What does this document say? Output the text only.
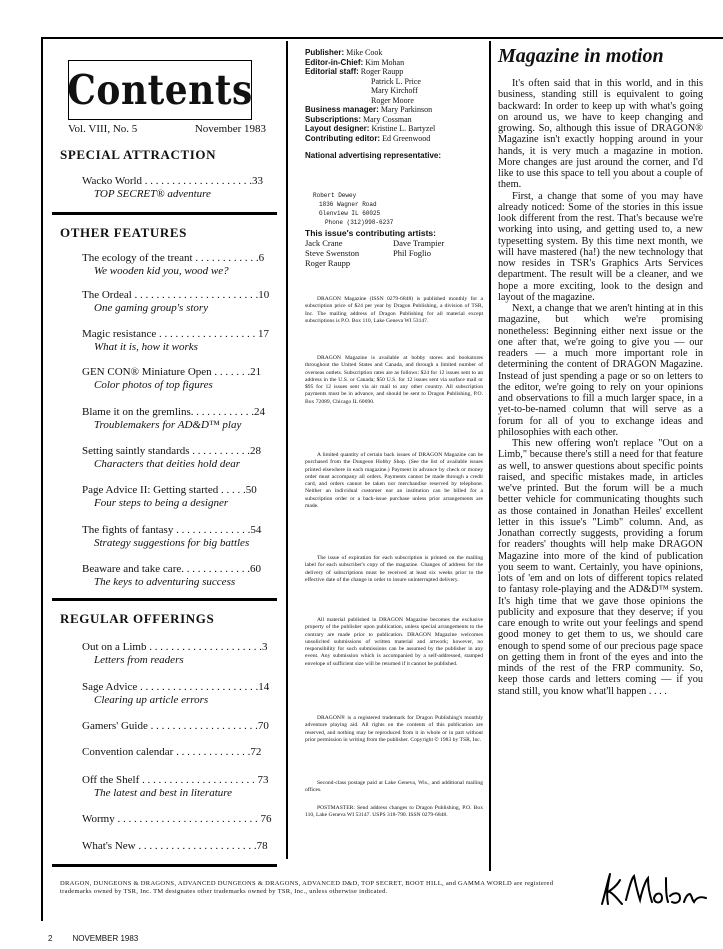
Contents
Vol. VIII, No. 5	November 1983
SPECIAL ATTRACTION
Wacko World . . . . . . . . . . . . . . . . . . . .33
TOP SECRET® adventure
OTHER FEATURES
The ecology of the treant . . . . . . . . . . . .6
We wooden kid you, wood we?
The Ordeal . . . . . . . . . . . . . . . . . . . . . . .10
One gaming group's story
Magic resistance . . . . . . . . . . . . . . . . . . 17
What it is, how it works
GEN CON® Miniature Open . . . . . . .21
Color photos of top figures
Blame it on the gremlins. . . . . . . . . . . .24
Troublemakers for AD&D™ play
Setting saintly standards . . . . . . . . . . .28
Characters that deities hold dear
Page Advice II: Getting started . . . . .50
Four steps to being a designer
The fights of fantasy . . . . . . . . . . . . . .54
Strategy suggestions for big battles
Beaware and take care. . . . . . . . . . . . .60
The keys to adventuring success
REGULAR OFFERINGS
Out on a Limb . . . . . . . . . . . . . . . . . . . . .3
Letters from readers
Sage Advice . . . . . . . . . . . . . . . . . . . . . .14
Clearing up article errors
Gamers' Guide . . . . . . . . . . . . . . . . . . . .70
Convention calendar . . . . . . . . . . . . . .72
Off the Shelf . . . . . . . . . . . . . . . . . . . . . 73
The latest and best in literature
Wormy . . . . . . . . . . . . . . . . . . . . . . . . . . 76
What's New . . . . . . . . . . . . . . . . . . . . . .78
Publisher: Mike Cook
Editor-in-Chief: Kim Mohan
Editorial staff: Roger Raupp
Patrick L. Price
Mary Kirchoff
Roger Moore
Business manager: Mary Parkinson
Subscriptions: Mary Cossman
Layout designer: Kristine L. Bartyzel
Contributing editor: Ed Greenwood
National advertising representative:
Robert Dewey
1836 Wagner Road
Glenview IL 60025
Phone (312)998-6237
This issue's contributing artists:
Jack Crane	Dave Trampier
Steve Swenston	Phil Foglio
Roger Raupp
DRAGON Magazine (ISSN 0279-6848) is published monthly for a subscription price of $24 per year by Dragon Publishing, a division of TSR, Inc. The mailing address of Dragon Publishing for all material except subscriptions is P.O. Box 110, Lake Geneva WI 53147.
DRAGON Magazine is available at hobby stores and bookstores throughout the United States and Canada, and through a limited number of overseas outlets. Subscription rates are as follows: $24 for 12 issues sent to an address in the U.S. or Canada; $50 U.S. for 12 issues sent via surface mail or $95 for 12 issues sent via air mail to any other country. All subscription payments must be in advance, and should be sent to Dragon Publishing, P.O. Box 72089, Chicago IL 60690.
A limited quantity of certain back issues of DRAGON Magazine can be purchased from the Dungeon Hobby Shop. (See the list of available issues printed elsewhere in each magazine.) Payment in advance by check or money order must accompany all orders. Payments cannot be made through a credit card, and orders cannot be taken nor merchandise reserved by telephone. Neither an individual customer nor an institution can be billed for a subscription order or a back-issue purchase unless prior arrangements are made.
The issue of expiration for each subscription is printed on the mailing label for each subscriber's copy of the magazine. Changes of address for the delivery of subscriptions must be received at least six weeks prior to the effective date of the change in order to insure uninterrupted delivery.
All material published in DRAGON Magazine becomes the exclusive property of the publisher upon publication, unless special arrangements to the contrary are made prior to publication. DRAGON Magazine welcomes unsolicited submissions of written material and artwork; however, no responsibility for such submissions can be assumed by the publisher in any event. Any submission which is accompanied by a self-addressed, stamped envelope of sufficient size will be returned if it cannot be published.
DRAGON® is a registered trademark for Dragon Publishing's monthly adventure playing aid. All rights on the contents of this publication are reserved, and nothing may be reproduced from it in whole or in part without prior permission in writing from the publisher. Copyright © 1983 by TSR, Inc.
Second-class postage paid at Lake Geneva, Wis., and additional mailing offices.
POSTMASTER: Send address changes to Dragon Publishing, P.O. Box 110, Lake Geneva WI 53147. USPS 318-790. ISSN 0279-6848.
Magazine in motion

It's often said that in this world, and in this business, standing still is equivalent to going backward: In order to keep up with what's going on around us, we have to keep changing and growing. So, although this issue of DRAGON® Magazine isn't exactly hopping around in your hands, it is very much a magazine in motion. More changes are just around the corner, and I'd like to use this space to tell you about a couple of them.

First, a change that some of you may have already noticed: Some of the stories in this issue look different from the rest. That's because we're working into using, and getting used to, a new typesetting system. By this time next month, we will have mastered (ha!) the new technology that now resides in TSR's Graphics Arts Services department. The result will be a cleaner, and we hope a more exciting, look to the design and layout of the magazine.

Next, a change that we aren't hinting at in this magazine, but which we're promising nonetheless: Beginning either next issue or the one after that, we're going to give you — our readers — a much more important role in determining the content of DRAGON Magazine. Instead of just spending a page or so on letters to the editor, we're going to rely on your opinions and observations to fill a much larger space, in a yet-to-be-named column that will serve as a forum for all of you to exchange ideas and philosophies with each other.

This new offering won't replace "Out on a Limb," because there's still a need for that feature as well, to answer questions about specific points raised, and specific mistakes made, in articles we've printed. But the forum will be a much better vehicle for communicating thoughts such as those contained in Jonathan Heiles' excellent letter in this issue's "Limb" column. And, as Jonathan correctly suggests, providing a forum for readers' thoughts will help make DRAGON Magazine into more of the kind of publication you seem to want. Certainly, you have opinions, lots of 'em and on lots of different topics related to fantasy role-playing and the AD&D™ system. It's high time that we gave those opinions the publicity and exposure that they deserve; if you care enough to write out your feelings and spend good money to get them to us, we should care enough to spend some of our precious page space on getting them in front of the eyes and into the minds of the rest of the FRP community. So, keep those cards and letters coming — if you stand still, you know what'll happen . . . .

DRAGON, DUNGEONS & DRAGONS, ADVANCED DUNGEONS & DRAGONS, ADVANCED D&D, TOP SECRET, BOOT HILL, and GAMMA WORLD are registered trademarks owned by TSR, Inc. TM designates other trademarks owned by TSR, Inc., unless otherwise indicated.
2	NOVEMBER 1983
